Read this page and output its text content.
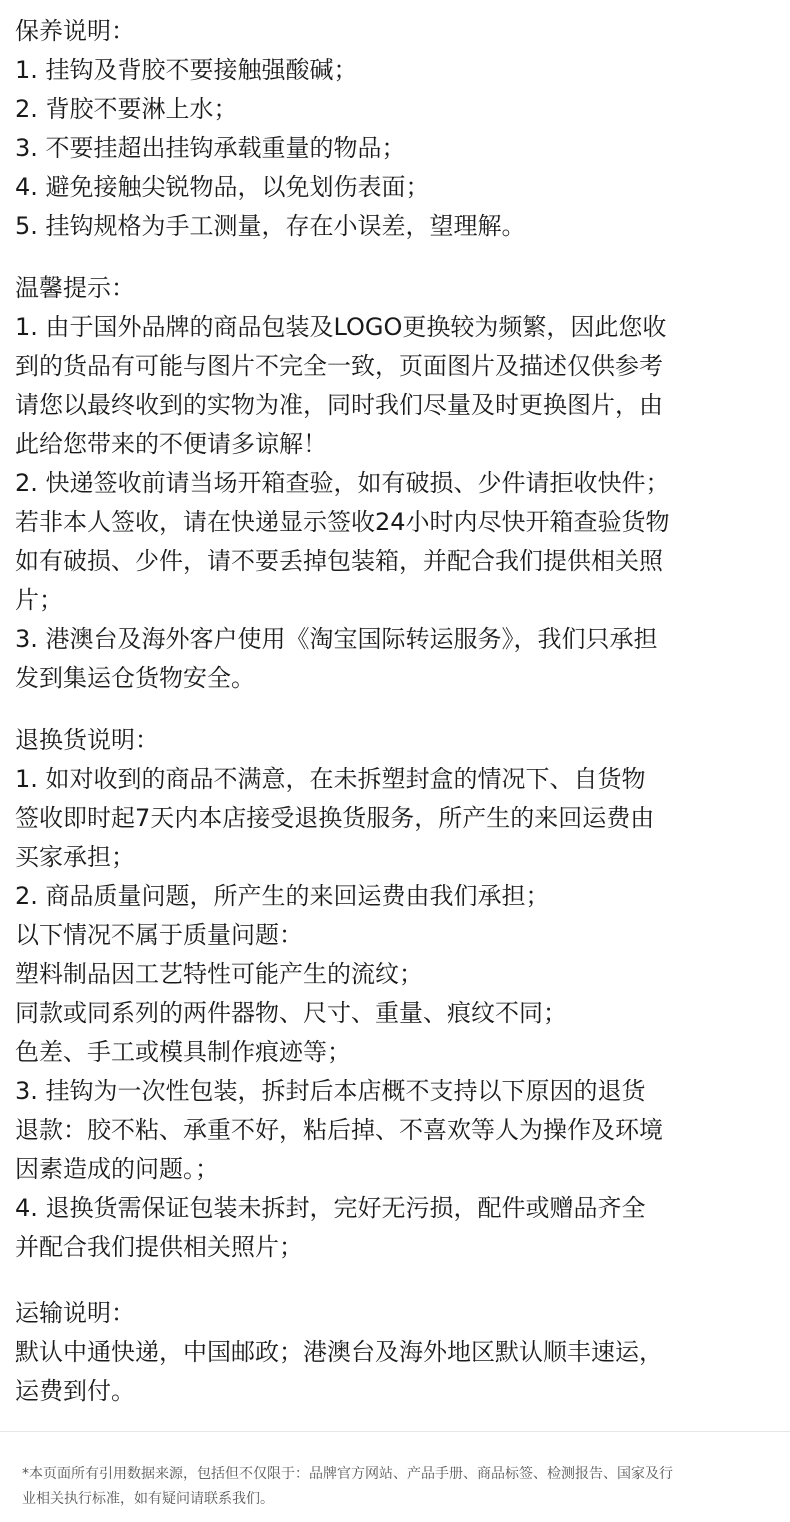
保养说明：
1. 挂钩及背胶不要接触强酸碱；
2. 背胶不要淋上水；
3. 不要挂超出挂钩承载重量的物品；
4. 避免接触尖锐物品，以免划伤表面；
5. 挂钩规格为手工测量，存在小误差，望理解。
温馨提示：
1. 由于国外品牌的商品包装及LOGO更换较为频繁，因此您收
到的货品有可能与图片不完全一致，页面图片及描述仅供参考
请您以最终收到的实物为准，同时我们尽量及时更换图片，由
此给您带来的不便请多谅解！
2. 快递签收前请当场开箱查验，如有破损、少件请拒收快件；
若非本人签收，请在快递显示签收24小时内尽快开箱查验货物
如有破损、少件，请不要丢掉包装箱，并配合我们提供相关照
片；
3. 港澳台及海外客户使用《淘宝国际转运服务》，我们只承担
发到集运仓货物安全。
退换货说明：
1. 如对收到的商品不满意，在未拆塑封盒的情况下、自货物
签收即时起7天内本店接受退换货服务，所产生的来回运费由
买家承担；
2. 商品质量问题，所产生的来回运费由我们承担；
以下情况不属于质量问题：
塑料制品因工艺特性可能产生的流纹；
同款或同系列的两件器物、尺寸、重量、痕纹不同；
色差、手工或模具制作痕迹等；
3. 挂钩为一次性包装，拆封后本店概不支持以下原因的退货
退款：胶不粘、承重不好，粘后掉、不喜欢等人为操作及环境
因素造成的问题。；
4. 退换货需保证包装未拆封，完好无污损，配件或赠品齐全
并配合我们提供相关照片；
运输说明：
默认中通快递，中国邮政；港澳台及海外地区默认顺丰速运，
运费到付。
*本页面所有引用数据来源，包括但不仅限于：品牌官方网站、产品手册、商品标签、检测报告、国家及行
业相关执行标准，如有疑问请联系我们。
